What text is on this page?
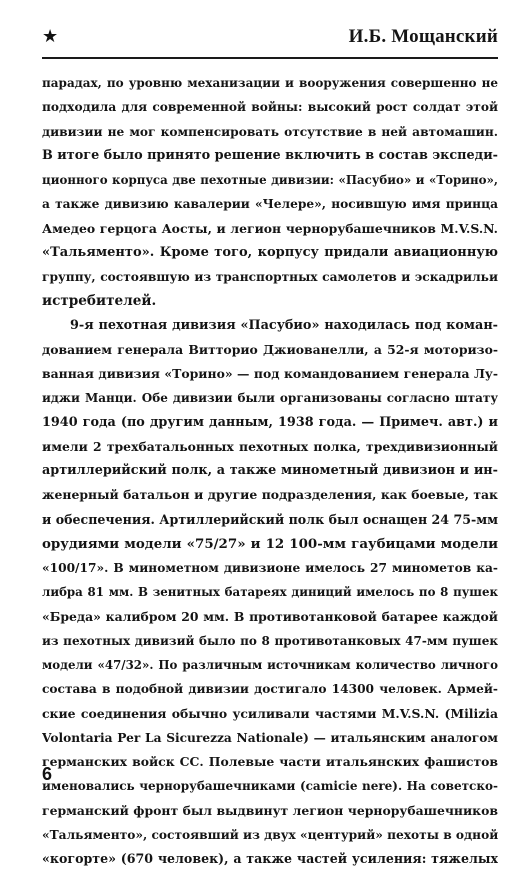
★	И.Б. Мощанский
парадах, по уровню механизации и вооружения совершенно не
подходила для современной войны: высокий рост солдат этой
дивизии не мог компенсировать отсутствие в ней автомашин.
В итоге было принято решение включить в состав экспеди-
ционного корпуса две пехотные дивизии: «Пасубио» и «Торино»,
а также дивизию кавалерии «Челере», носившую имя принца
Амедео герцога Аосты, и легион чернорубашечников M.V.S.N.
«Тальяменто». Кроме того, корпусу придали авиационную
группу, состоявшую из транспортных самолетов и эскадрильи
истребителей.
9-я пехотная дивизия «Пасубио» находилась под коман-
дованием генерала Витторио Джиованелли, а 52-я моторизо-
ванная дивизия «Торино» — под командованием генерала Лу-
иджи Манци. Обе дивизии были организованы согласно штату
1940 года (по другим данным, 1938 года. — Примеч. авт.) и
имели 2 трехбатальонных пехотных полка, трехдивизионный
артиллерийский полк, а также минометный дивизион и ин-
женерный батальон и другие подразделения, как боевые, так
и обеспечения. Артиллерийский полк был оснащен 24 75-мм
орудиями модели «75/27» и 12 100-мм гаубицами модели
«100/17». В минометном дивизионе имелось 27 минометов ка-
либра 81 мм. В зенитных батареях диниций имелось по 8 пушек
«Бреда» калибром 20 мм. В противотанковой батарее каждой
из пехотных дивизий было по 8 противотанковых 47-мм пушек
модели «47/32». По различным источникам количество личного
состава в подобной дивизии достигало 14300 человек. Армей-
ские соединения обычно усиливали частями M.V.S.N. (Milizia
Volontaria Per La Sicurezza Nationale) — итальянским аналогом
германских войск СС. Полевые части итальянских фашистов
именовались чернорубашечниками (camicie nere). На советско-
германский фронт был выдвинут легион чернорубашечников
«Тальяменто», состоявший из двух «центурий» пехоты в одной
«когорте» (670 человек), а также частей усиления: тяжелых
6
